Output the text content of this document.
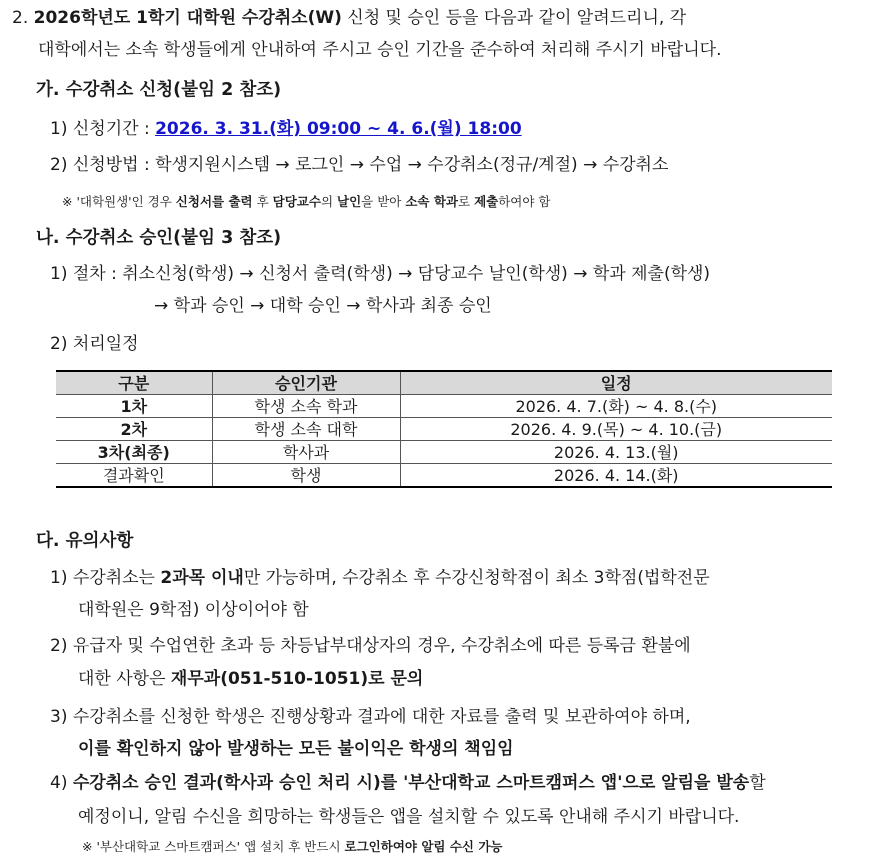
2. 2026학년도 1학기 대학원 수강취소(W) 신청 및 승인 등을 다음과 같이 알려드리니, 각
대학에서는 소속 학생들에게 안내하여 주시고 승인 기간을 준수하여 처리해 주시기 바랍니다.
가. 수강취소 신청(붙임 2 참조)
1) 신청기간 : 2026. 3. 31.(화) 09:00 ~ 4. 6.(월) 18:00
2) 신청방법 : 학생지원시스템 → 로그인 → 수업 → 수강취소(정규/계절) → 수강취소
※ '대학원생'인 경우 신청서를 출력 후 담당교수의 날인을 받아 소속 학과로 제출하여야 함
나. 수강취소 승인(붙임 3 참조)
1) 절차 : 취소신청(학생) → 신청서 출력(학생) → 담당교수 날인(학생) → 학과 제출(학생)
→ 학과 승인 → 대학 승인 → 학사과 최종 승인
2) 처리일정
구분	승인기관	일정
1차	학생 소속 학과	2026. 4. 7.(화) ~ 4. 8.(수)
2차	학생 소속 대학	2026. 4. 9.(목) ~ 4. 10.(금)
3차(최종)	학사과	2026. 4. 13.(월)
결과확인	학생	2026. 4. 14.(화)
다. 유의사항
1) 수강취소는 2과목 이내만 가능하며, 수강취소 후 수강신청학점이 최소 3학점(법학전문
대학원은 9학점) 이상이어야 함
2) 유급자 및 수업연한 초과 등 차등납부대상자의 경우, 수강취소에 따른 등록금 환불에
대한 사항은 재무과(051-510-1051)로 문의
3) 수강취소를 신청한 학생은 진행상황과 결과에 대한 자료를 출력 및 보관하여야 하며,
이를 확인하지 않아 발생하는 모든 불이익은 학생의 책임임
4) 수강취소 승인 결과(학사과 승인 처리 시)를 '부산대학교 스마트캠퍼스 앱'으로 알림을 발송할
예정이니, 알림 수신을 희망하는 학생들은 앱을 설치할 수 있도록 안내해 주시기 바랍니다.
※ '부산대학교 스마트캠퍼스' 앱 설치 후 반드시 로그인하여야 알림 수신 가능
